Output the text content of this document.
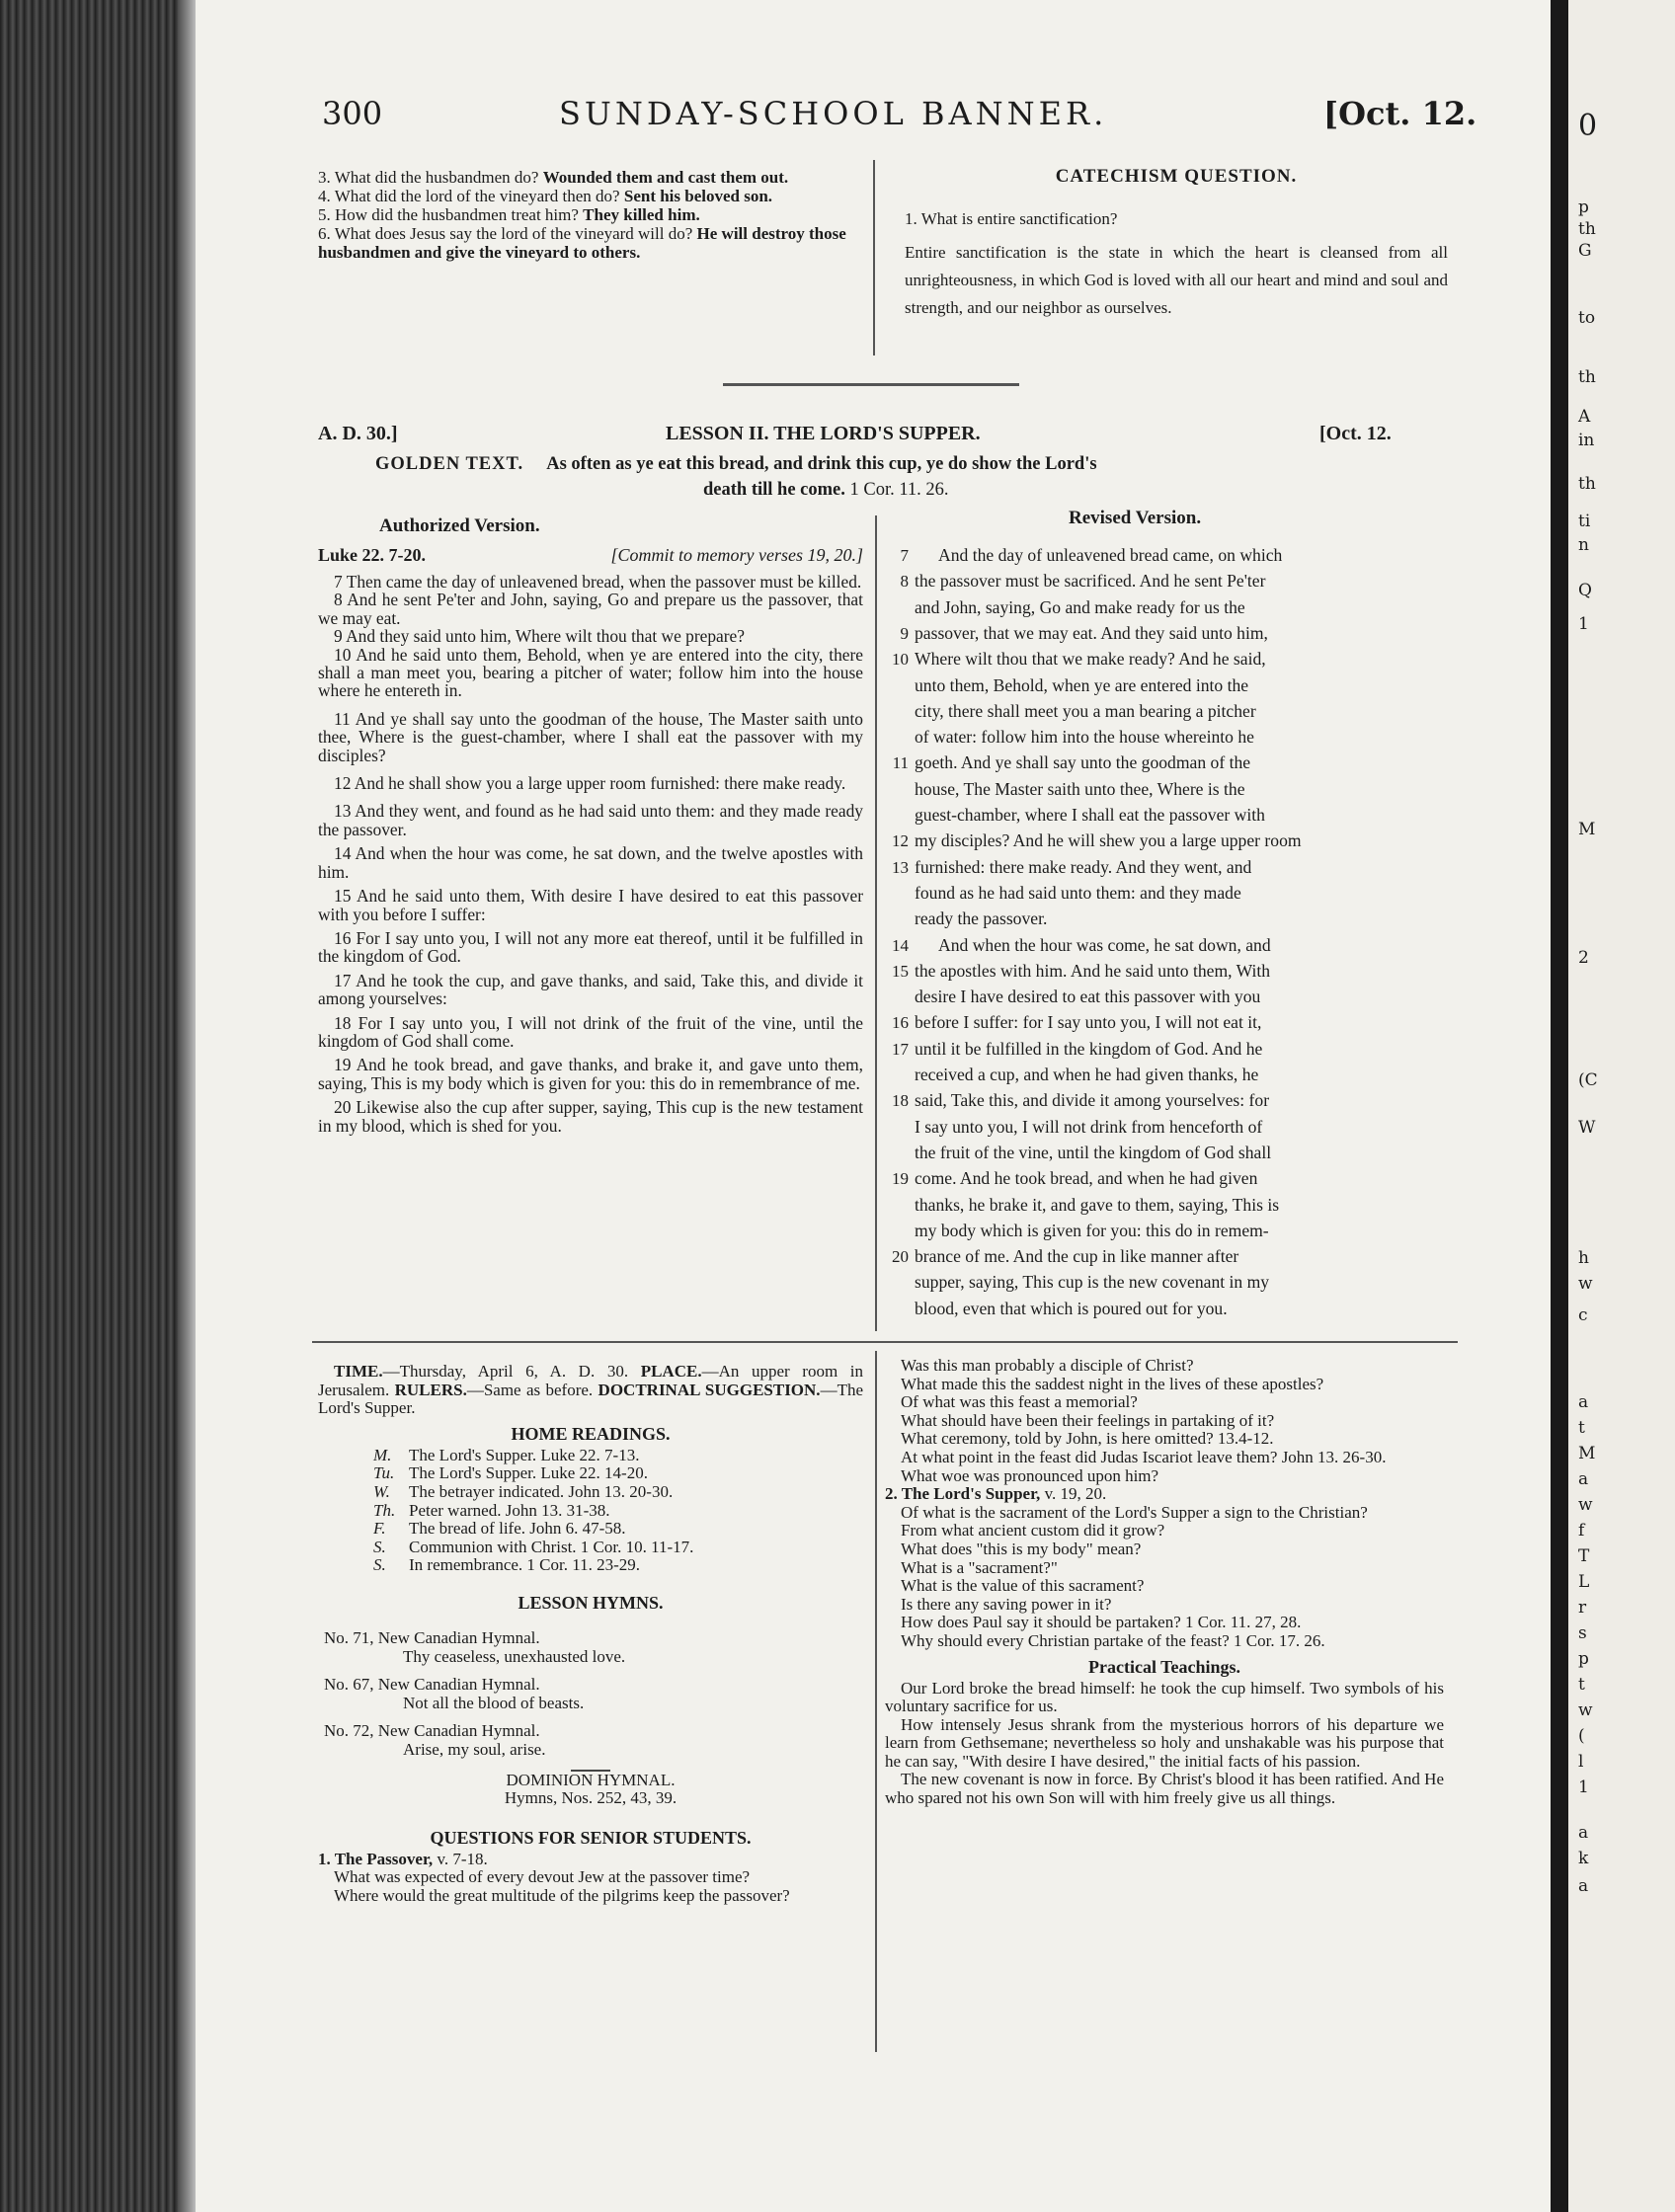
300	SUNDAY-SCHOOL BANNER.	[Oct. 12.

3. What did the husbandmen do? Wounded them and cast them out.

4. What did the lord of the vineyard then do? Sent his beloved son.

5. How did the husbandmen treat him? They killed him.

6. What does Jesus say the lord of the vineyard will do? He will destroy those husbandmen and give the vineyard to others.

CATECHISM QUESTION.

1. What is entire sanctification?

Entire sanctification is the state in which the heart is cleansed from all unrighteousness, in which God is loved with all our heart and mind and soul and strength, and our neighbor as ourselves.

A. D. 30.]	LESSON II. THE LORD'S SUPPER.	[Oct. 12.
GOLDEN TEXT. As often as ye eat this bread, and drink this cup, ye do show the Lord's
death till he come. 1 Cor. 11. 26.
Authorized Version.
Luke 22. 7-20.	[Commit to memory verses 19, 20.]

7 Then came the day of unleavened bread, when the passover must be killed.

8 And he sent Pe'ter and John, saying, Go and prepare us the passover, that we may eat.

9 And they said unto him, Where wilt thou that we prepare?

10 And he said unto them, Behold, when ye are entered into the city, there shall a man meet you, bearing a pitcher of water; follow him into the house where he entereth in.

11 And ye shall say unto the goodman of the house, The Master saith unto thee, Where is the guest-chamber, where I shall eat the passover with my disciples?

12 And he shall show you a large upper room furnished: there make ready.

13 And they went, and found as he had said unto them: and they made ready the passover.

14 And when the hour was come, he sat down, and the twelve apostles with him.

15 And he said unto them, With desire I have desired to eat this passover with you before I suffer:

16 For I say unto you, I will not any more eat thereof, until it be fulfilled in the kingdom of God.

17 And he took the cup, and gave thanks, and said, Take this, and divide it among yourselves:

18 For I say unto you, I will not drink of the fruit of the vine, until the kingdom of God shall come.

19 And he took bread, and gave thanks, and brake it, and gave unto them, saying, This is my body which is given for you: this do in remembrance of me.

20 Likewise also the cup after supper, saying, This cup is the new testament in my blood, which is shed for you.

Revised Version.
7 And the day of unleavened bread came, on which
8 the passover must be sacrificed. And he sent Pe'ter
and John, saying, Go and make ready for us the
9 passover, that we may eat. And they said unto him,
10 Where wilt thou that we make ready? And he said,
unto them, Behold, when ye are entered into the
city, there shall meet you a man bearing a pitcher
of water: follow him into the house whereinto he
11 goeth. And ye shall say unto the goodman of the
house, The Master saith unto thee, Where is the
guest-chamber, where I shall eat the passover with
12 my disciples? And he will shew you a large upper room
13 furnished: there make ready. And they went, and
found as he had said unto them: and they made
ready the passover.
14 And when the hour was come, he sat down, and
15 the apostles with him. And he said unto them, With
desire I have desired to eat this passover with you
16 before I suffer: for I say unto you, I will not eat it,
17 until it be fulfilled in the kingdom of God. And he
received a cup, and when he had given thanks, he
18 said, Take this, and divide it among yourselves: for
I say unto you, I will not drink from henceforth of
the fruit of the vine, until the kingdom of God shall
19 come. And he took bread, and when he had given
thanks, he brake it, and gave to them, saying, This is
my body which is given for you: this do in remem-
20 brance of me. And the cup in like manner after
supper, saying, This cup is the new covenant in my
blood, even that which is poured out for you.

TIME.—Thursday, April 6, A. D. 30. PLACE.—An upper room in Jerusalem. RULERS.—Same as before. DOCTRINAL SUGGESTION.—The Lord's Supper.

HOME READINGS.

M. The Lord's Supper. Luke 22. 7-13.

Tu. The Lord's Supper. Luke 22. 14-20.

W. The betrayer indicated. John 13. 20-30.

Th. Peter warned. John 13. 31-38.

F. The bread of life. John 6. 47-58.

S. Communion with Christ. 1 Cor. 10. 11-17.

S. In remembrance. 1 Cor. 11. 23-29.

LESSON HYMNS.

No. 71, New Canadian Hymnal.

Thy ceaseless, unexhausted love.

No. 67, New Canadian Hymnal.

Not all the blood of beasts.

No. 72, New Canadian Hymnal.

Arise, my soul, arise.

DOMINION HYMNAL.

Hymns, Nos. 252, 43, 39.

QUESTIONS FOR SENIOR STUDENTS.

1. The Passover, v. 7-18.

What was expected of every devout Jew at the passover time?

Where would the great multitude of the pilgrims keep the passover?

Was this man probably a disciple of Christ?

What made this the saddest night in the lives of these apostles?

Of what was this feast a memorial?

What should have been their feelings in partaking of it?

What ceremony, told by John, is here omitted? 13.4-12.

At what point in the feast did Judas Iscariot leave them? John 13. 26-30.

What woe was pronounced upon him?

2. The Lord's Supper, v. 19, 20.

Of what is the sacrament of the Lord's Supper a sign to the Christian?

From what ancient custom did it grow?

What does "this is my body" mean?

What is a "sacrament?"

What is the value of this sacrament?

Is there any saving power in it?

How does Paul say it should be partaken? 1 Cor. 11. 27, 28.

Why should every Christian partake of the feast? 1 Cor. 17. 26.

Practical Teachings.

Our Lord broke the bread himself: he took the cup himself. Two symbols of his voluntary sacrifice for us.

How intensely Jesus shrank from the mysterious horrors of his departure we learn from Gethsemane; nevertheless so holy and unshakable was his purpose that he can say, "With desire I have desired," the initial facts of his passion.

The new covenant is now in force. By Christ's blood it has been ratified. And He who spared not his own Son will with him freely give us all things.

0
p
th
G
to
th
A
in
th
ti
n
Q
1
M
2
(C
W
h
w
c
a
t
M
a
w
f
T
L
r
s
p
t
w
(
l
1
a
k
a
